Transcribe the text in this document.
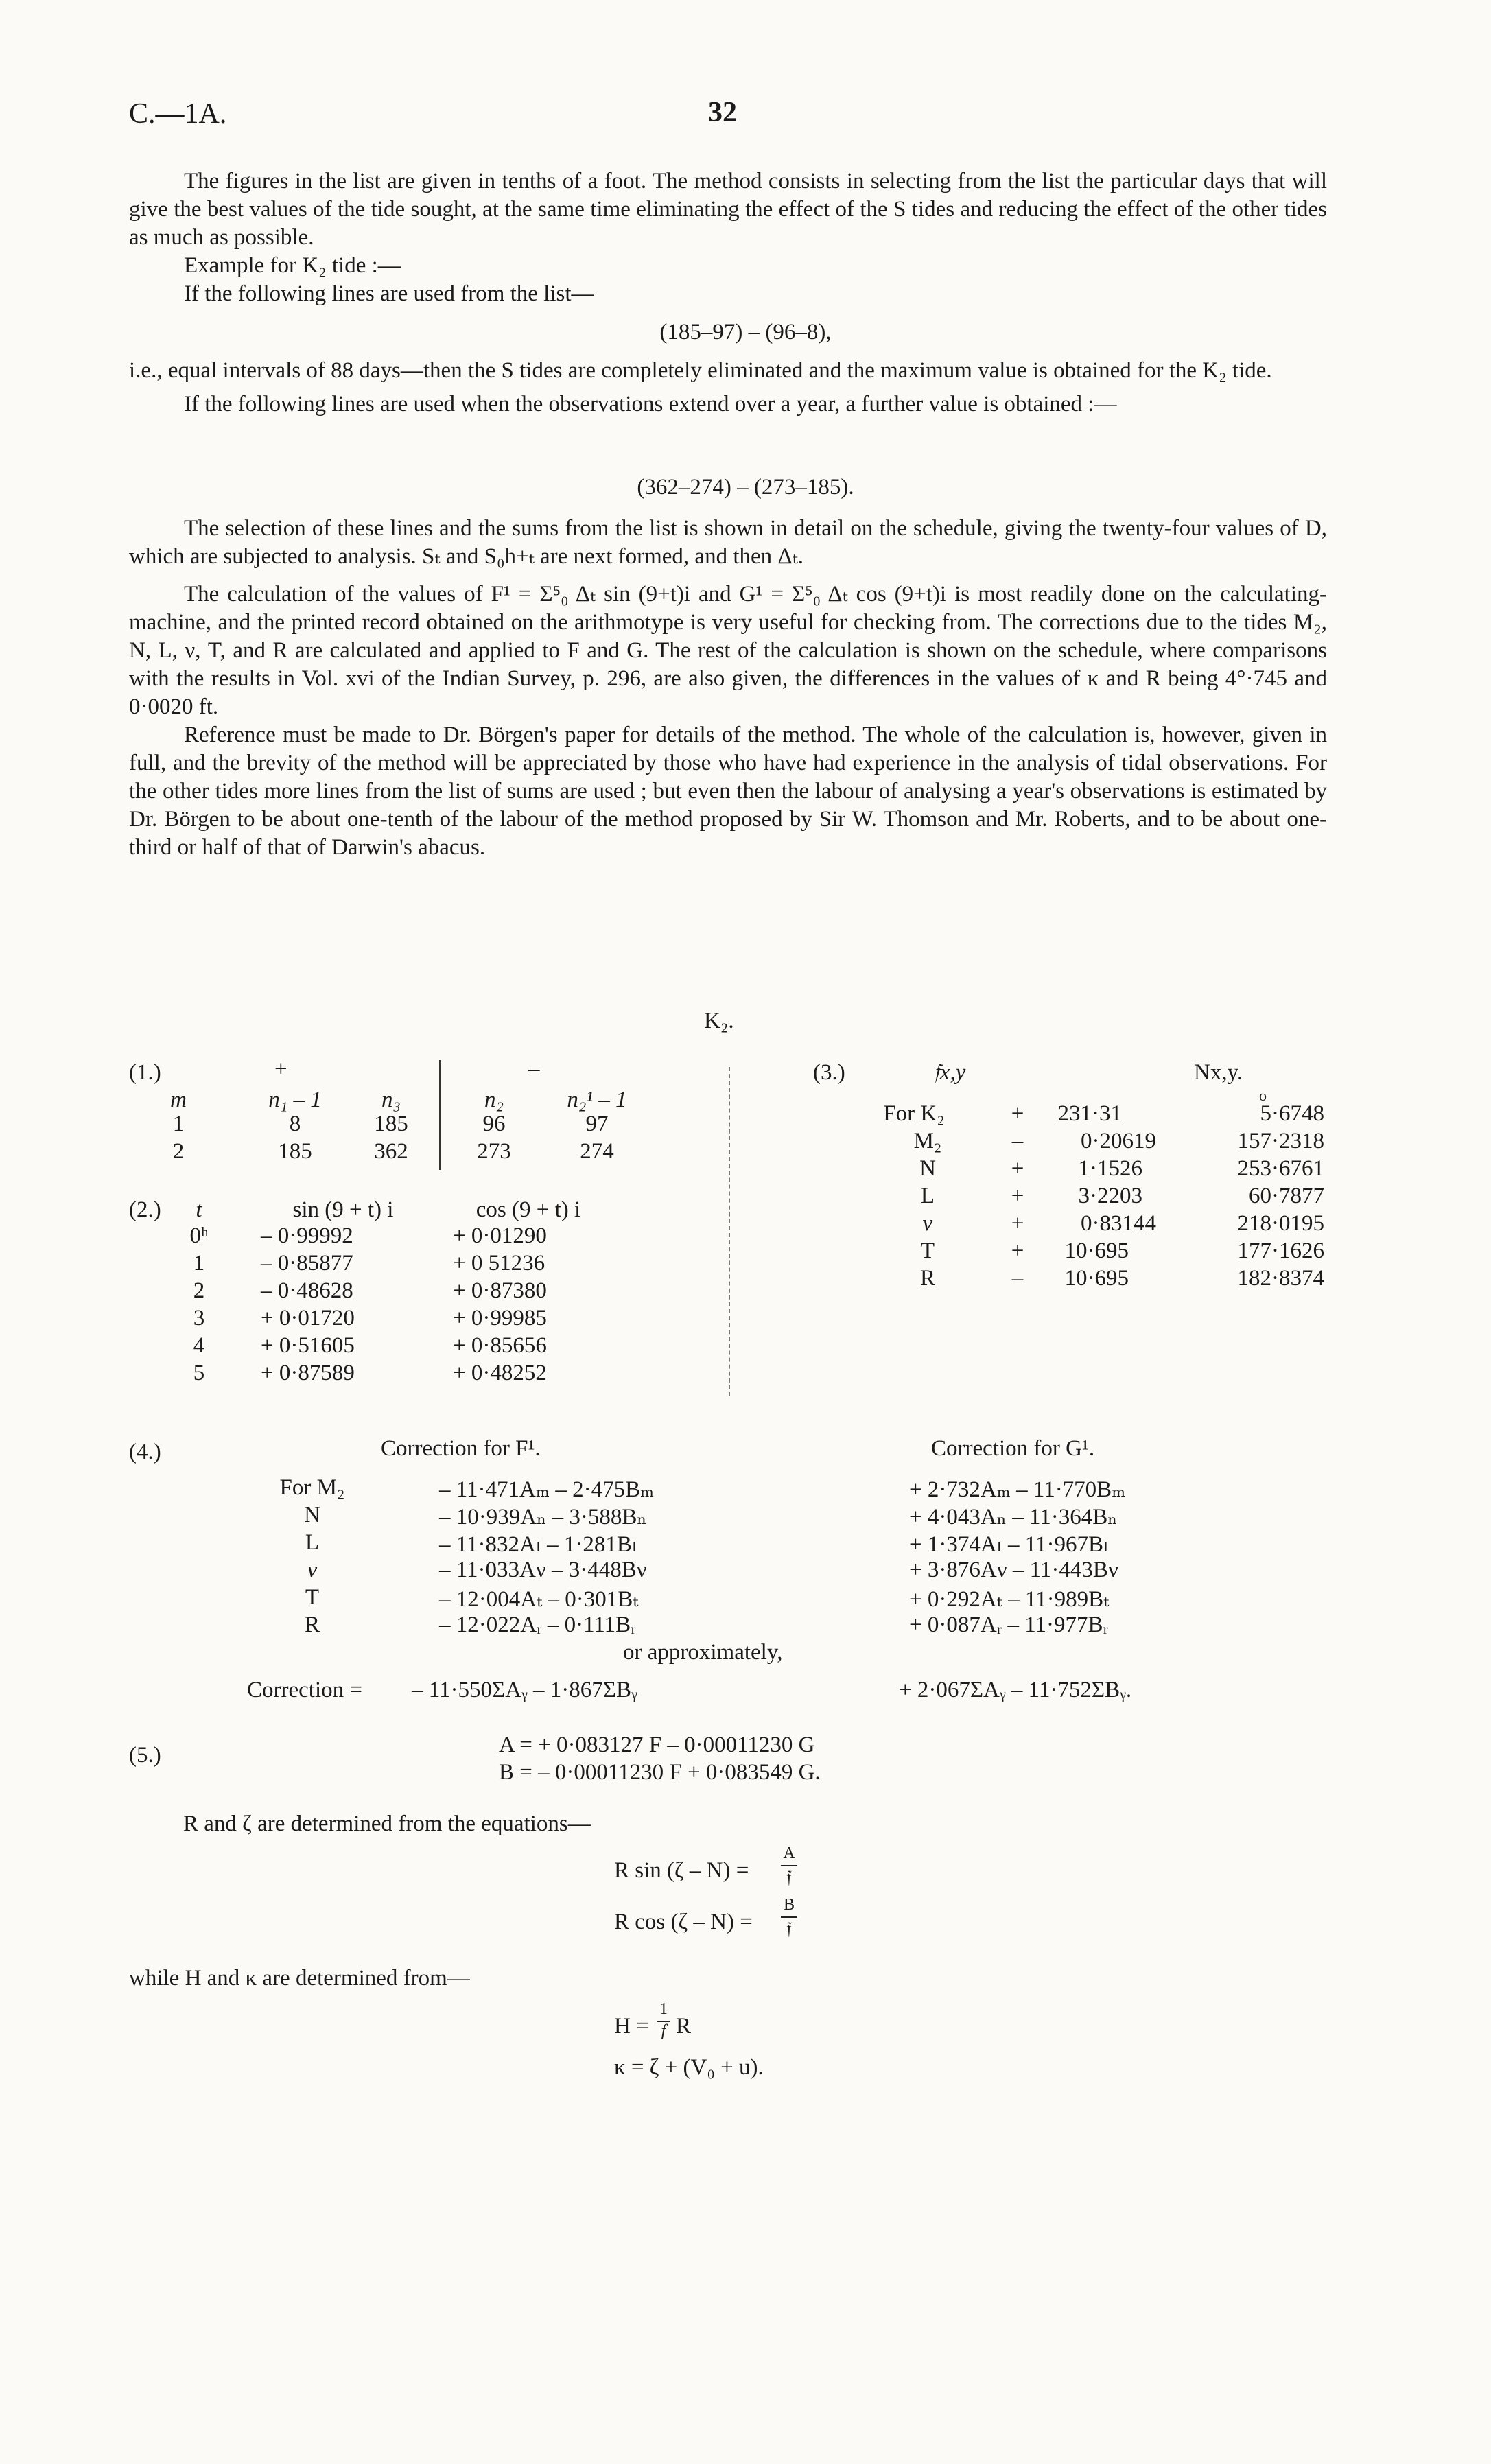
C.—1A.	32

The figures in the list are given in tenths of a foot. The method consists in selecting from the list the particular days that will give the best values of the tide sought, at the same time eliminating the effect of the S tides and reducing the effect of the other tides as much as possible.

Example for K₂ tide :—

If the following lines are used from the list—

(185–97) – (96–8),

i.e., equal intervals of 88 days—then the S tides are completely eliminated and the maximum value is obtained for the K₂ tide.

If the following lines are used when the observations extend over a year, a further value is obtained :—

(362–274) – (273–185).

The selection of these lines and the sums from the list is shown in detail on the schedule, giving the twenty-four values of D, which are subjected to analysis. Sₜ and S₀h+ₜ are next formed, and then Δₜ.

The calculation of the values of F¹ = Σ⁵₀ Δₜ sin (9+t)i and G¹ = Σ⁵₀ Δₜ cos (9+t)i is most readily done on the calculating-machine, and the printed record obtained on the arithmotype is very useful for checking from. The corrections due to the tides M₂, N, L, ν, T, and R are calculated and applied to F and G. The rest of the calculation is shown on the schedule, where comparisons with the results in Vol. xvi of the Indian Survey, p. 296, are also given, the differences in the values of κ and R being 4°·745 and 0·0020 ft.

Reference must be made to Dr. Börgen's paper for details of the method. The whole of the calculation is, however, given in full, and the brevity of the method will be appreciated by those who have had experience in the analysis of tidal observations. For the other tides more lines from the list of sums are used ; but even then the labour of analysing a year's observations is estimated by Dr. Börgen to be about one-tenth of the labour of the method proposed by Sir W. Thomson and Mr. Roberts, and to be about one-third or half of that of Darwin's abacus.

K₂.
(1.)	+	–
m	n₁ – 1	n₃	n₂	n₂¹ – 1
1	8	185	96	97
2	185	362	273	274
(2.)	t	sin (9 + t) i	cos (9 + t) i
0ʰ – 0·99992	+ 0·01290
1	– 0·85877	+ 0 51236
2	– 0·48628	+ 0·87380
3	+ 0·01720	+ 0·99985
4	+ 0·51605	+ 0·85656
5	+ 0·87589	+ 0·48252
(3.)	𝔣x,y	Nx,y.
o
For K₂	+	231·31	5·6748
M₂	–	0·20619	157·2318
N	+	1·1526	253·6761
L	+	3·2203	60·7877
ν	+	0·83144	218·0195
T	+	10·695	177·1626
R	–	10·695	182·8374
(4.)	Correction for F¹.	Correction for G¹.
For M₂	– 11·471Aₘ – 2·475Bₘ	+ 2·732Aₘ – 11·770Bₘ
N	– 10·939Aₙ – 3·588Bₙ	+ 4·043Aₙ – 11·364Bₙ
L	– 11·832Aₗ – 1·281Bₗ	+ 1·374Aₗ – 11·967Bₗ
ν	– 11·033Aν – 3·448Bν	+ 3·876Aν – 11·443Bν
T	– 12·004Aₜ – 0·301Bₜ	+ 0·292Aₜ – 11·989Bₜ
R	– 12·022Aᵣ – 0·111Bᵣ	+ 0·087Aᵣ – 11·977Bᵣ
or approximately,
Correction = – 11·550ΣAᵧ – 1·867ΣBᵧ	+ 2·067ΣAᵧ – 11·752ΣBᵧ.
(5.)	A = + 0·083127 F – 0·00011230 G
B = – 0·00011230 F + 0·083549 G.
R and ζ are determined from the equations—
R sin (ζ – N) =
A
𝔣
R cos (ζ – N) =
B
𝔣
while H and κ are determined from—
H =
1
f R
κ = ζ + (V₀ + u).
